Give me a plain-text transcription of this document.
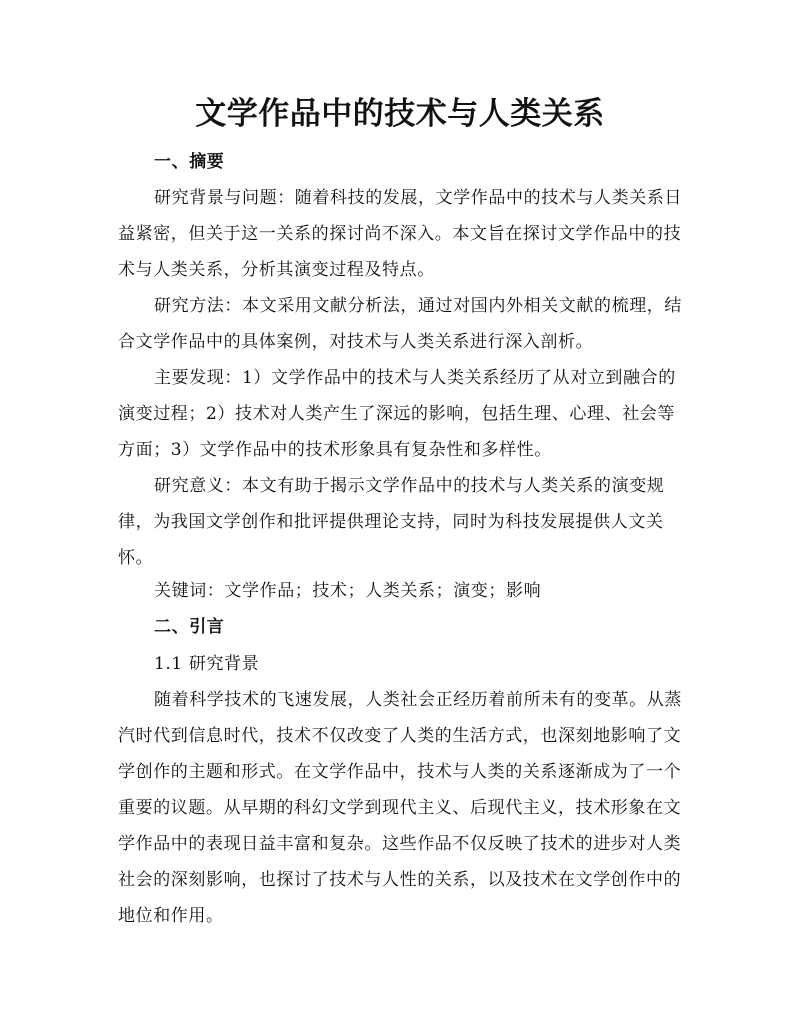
文学作品中的技术与人类关系

一、摘要

研究背景与问题：随着科技的发展，文学作品中的技术与人类关系日益紧密，但关于这一关系的探讨尚不深入。本文旨在探讨文学作品中的技术与人类关系，分析其演变过程及特点。

研究方法：本文采用文献分析法，通过对国内外相关文献的梳理，结合文学作品中的具体案例，对技术与人类关系进行深入剖析。

主要发现：1）文学作品中的技术与人类关系经历了从对立到融合的演变过程；2）技术对人类产生了深远的影响，包括生理、心理、社会等方面；3）文学作品中的技术形象具有复杂性和多样性。

研究意义：本文有助于揭示文学作品中的技术与人类关系的演变规律，为我国文学创作和批评提供理论支持，同时为科技发展提供人文关怀。

关键词：文学作品；技术；人类关系；演变；影响

二、引言

1.1 研究背景

随着科学技术的飞速发展，人类社会正经历着前所未有的变革。从蒸汽时代到信息时代，技术不仅改变了人类的生活方式，也深刻地影响了文学创作的主题和形式。在文学作品中，技术与人类的关系逐渐成为了一个重要的议题。从早期的科幻文学到现代主义、后现代主义，技术形象在文学作品中的表现日益丰富和复杂。这些作品不仅反映了技术的进步对人类社会的深刻影响，也探讨了技术与人性的关系，以及技术在文学创作中的地位和作用。
